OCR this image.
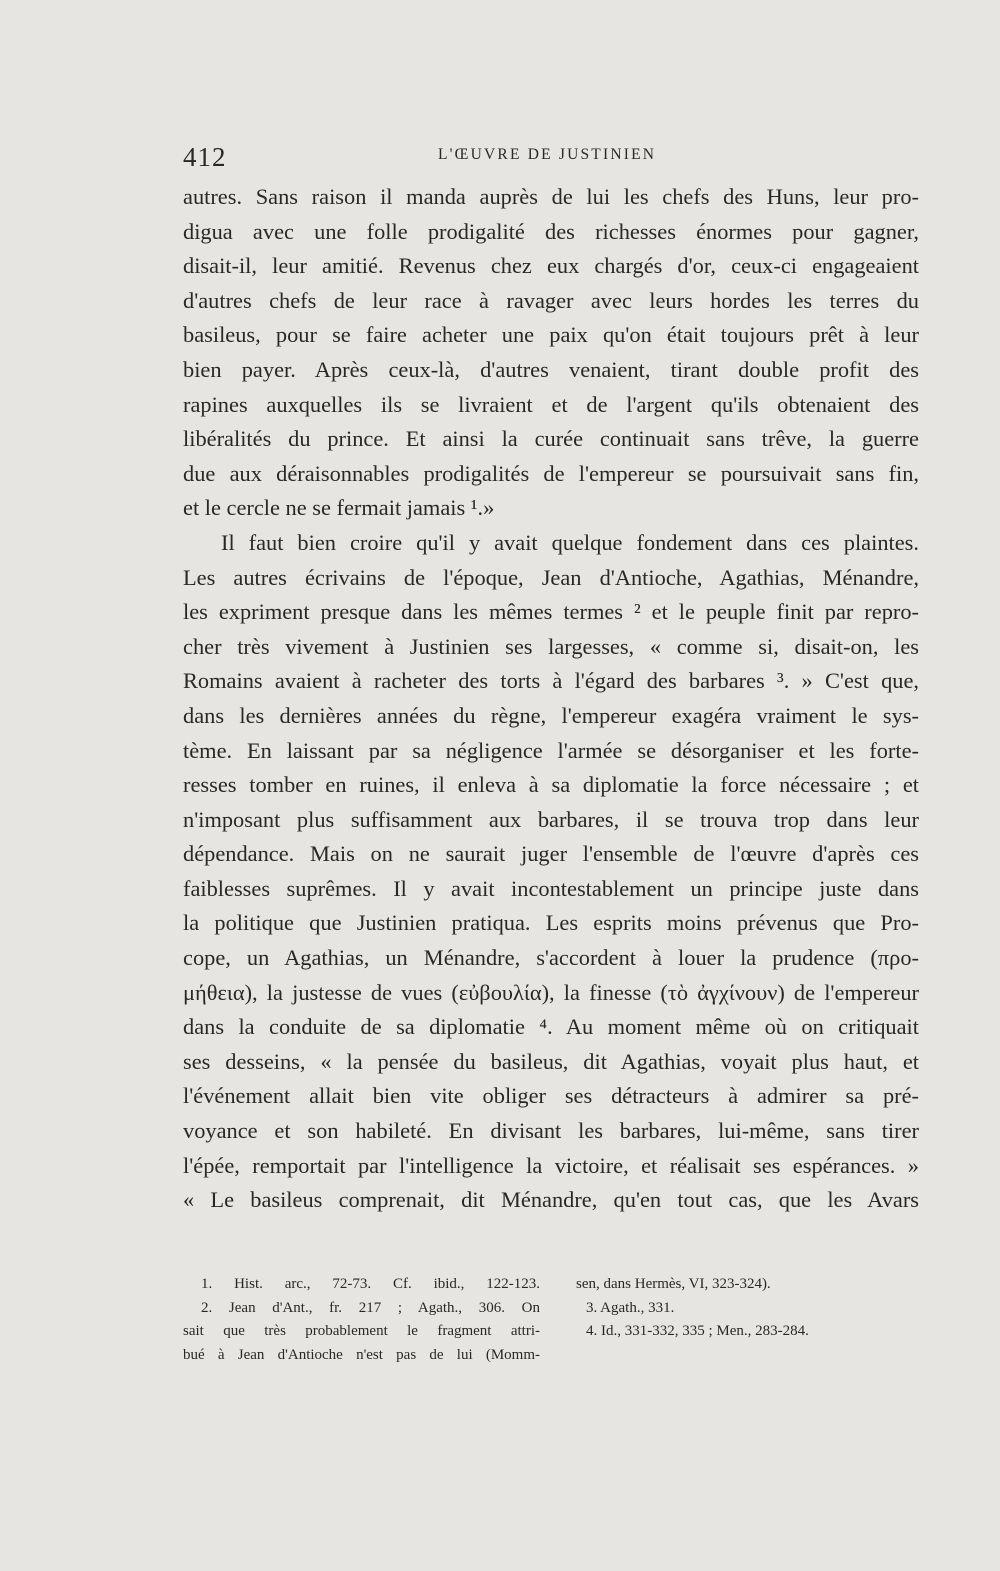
412	L'ŒUVRE DE JUSTINIEN
autres. Sans raison il manda auprès de lui les chefs des Huns, leur pro-
digua avec une folle prodigalité des richesses énormes pour gagner,
disait-il, leur amitié. Revenus chez eux chargés d'or, ceux-ci engageaient
d'autres chefs de leur race à ravager avec leurs hordes les terres du
basileus, pour se faire acheter une paix qu'on était toujours prêt à leur
bien payer. Après ceux-là, d'autres venaient, tirant double profit des
rapines auxquelles ils se livraient et de l'argent qu'ils obtenaient des
libéralités du prince. Et ainsi la curée continuait sans trêve, la guerre
due aux déraisonnables prodigalités de l'empereur se poursuivait sans fin,
et le cercle ne se fermait jamais ¹.»
Il faut bien croire qu'il y avait quelque fondement dans ces plaintes.
Les autres écrivains de l'époque, Jean d'Antioche, Agathias, Ménandre,
les expriment presque dans les mêmes termes ² et le peuple finit par repro-
cher très vivement à Justinien ses largesses, « comme si, disait-on, les
Romains avaient à racheter des torts à l'égard des barbares ³. » C'est que,
dans les dernières années du règne, l'empereur exagéra vraiment le sys-
tème. En laissant par sa négligence l'armée se désorganiser et les forte-
resses tomber en ruines, il enleva à sa diplomatie la force nécessaire ; et
n'imposant plus suffisamment aux barbares, il se trouva trop dans leur
dépendance. Mais on ne saurait juger l'ensemble de l'œuvre d'après ces
faiblesses suprêmes. Il y avait incontestablement un principe juste dans
la politique que Justinien pratiqua. Les esprits moins prévenus que Pro-
cope, un Agathias, un Ménandre, s'accordent à louer la prudence (προ-
μήθεια), la justesse de vues (εὐβουλία), la finesse (τὸ ἀγχίνουν) de l'empereur
dans la conduite de sa diplomatie ⁴. Au moment même où on critiquait
ses desseins, « la pensée du basileus, dit Agathias, voyait plus haut, et
l'événement allait bien vite obliger ses détracteurs à admirer sa pré-
voyance et son habileté. En divisant les barbares, lui-même, sans tirer
l'épée, remportait par l'intelligence la victoire, et réalisait ses espérances. »
« Le basileus comprenait, dit Ménandre, qu'en tout cas, que les Avars
1. Hist. arc., 72-73. Cf. ibid., 122-123.
2. Jean d'Ant., fr. 217 ; Agath., 306. On
sait que très probablement le fragment attri-
bué à Jean d'Antioche n'est pas de lui (Momm-
sen, dans Hermès, VI, 323-324).
3. Agath., 331.
4. Id., 331-332, 335 ; Men., 283-284.
